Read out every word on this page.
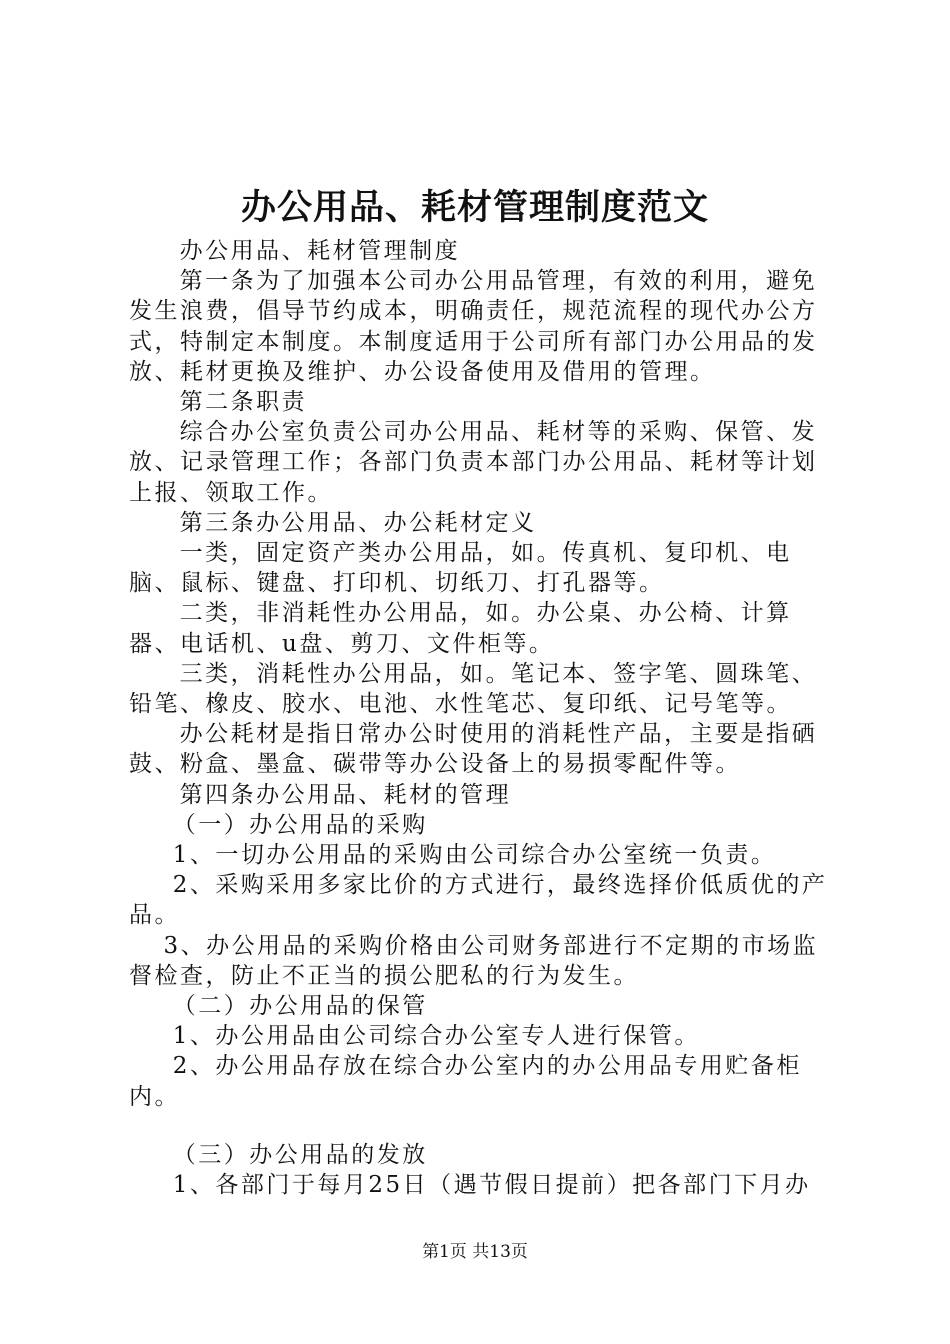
办公用品、耗材管理制度范文

办公用品、耗材管理制度

第一条为了加强本公司办公用品管理，有效的利用，避免发生浪费，倡导节约成本，明确责任，规范流程的现代办公方式，特制定本制度。本制度适用于公司所有部门办公用品的发放、耗材更换及维护、办公设备使用及借用的管理。

第二条职责

综合办公室负责公司办公用品、耗材等的采购、保管、发放、记录管理工作；各部门负责本部门办公用品、耗材等计划上报、领取工作。

第三条办公用品、办公耗材定义

一类，固定资产类办公用品，如。传真机、复印机、电脑、鼠标、键盘、打印机、切纸刀、打孔器等。

二类，非消耗性办公用品，如。办公桌、办公椅、计算器、电话机、u盘、剪刀、文件柜等。

三类，消耗性办公用品，如。笔记本、签字笔、圆珠笔、铅笔、橡皮、胶水、电池、水性笔芯、复印纸、记号笔等。

办公耗材是指日常办公时使用的消耗性产品，主要是指硒鼓、粉盒、墨盒、碳带等办公设备上的易损零配件等。

第四条办公用品、耗材的管理

（一）办公用品的采购

1、一切办公用品的采购由公司综合办公室统一负责。

2、采购采用多家比价的方式进行，最终选择价低质优的产品。

3、办公用品的采购价格由公司财务部进行不定期的市场监督检查，防止不正当的损公肥私的行为发生。

（二）办公用品的保管

1、办公用品由公司综合办公室专人进行保管。

2、办公用品存放在综合办公室内的办公用品专用贮备柜内。

（三）办公用品的发放

1、各部门于每月25日（遇节假日提前）把各部门下月办

第1页 共13页
